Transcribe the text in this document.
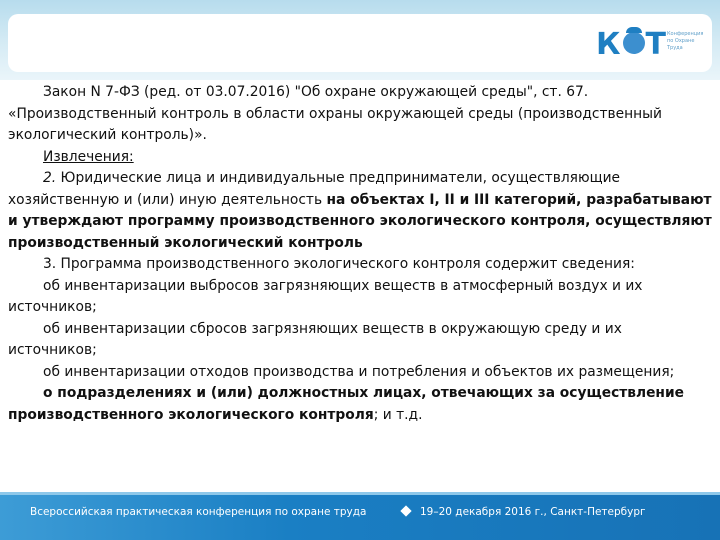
К Т Конференция по Охране Труда

Закон N 7-ФЗ (ред. от 03.07.2016) "Об охране окружающей среды", ст. 67.

«Производственный контроль в области охраны окружающей среды (производственный экологический контроль)».

Извлечения:

2. Юридические лица и индивидуальные предприниматели, осуществляющие хозяйственную и (или) иную деятельность на объектах I, II и III категорий, разрабатывают и утверждают программу производственного экологического контроля, осуществляют производственный экологический контроль

3. Программа производственного экологического контроля содержит сведения:

об инвентаризации выбросов загрязняющих веществ в атмосферный воздух и их источников;

об инвентаризации сбросов загрязняющих веществ в окружающую среду и их источников;

об инвентаризации отходов производства и потребления и объектов их размещения;

о подразделениях и (или) должностных лицах, отвечающих за осуществление производственного экологического контроля; и т.д.

Всероссийская практическая конференция по охране труда	19–20 декабря 2016 г., Санкт-Петербург
